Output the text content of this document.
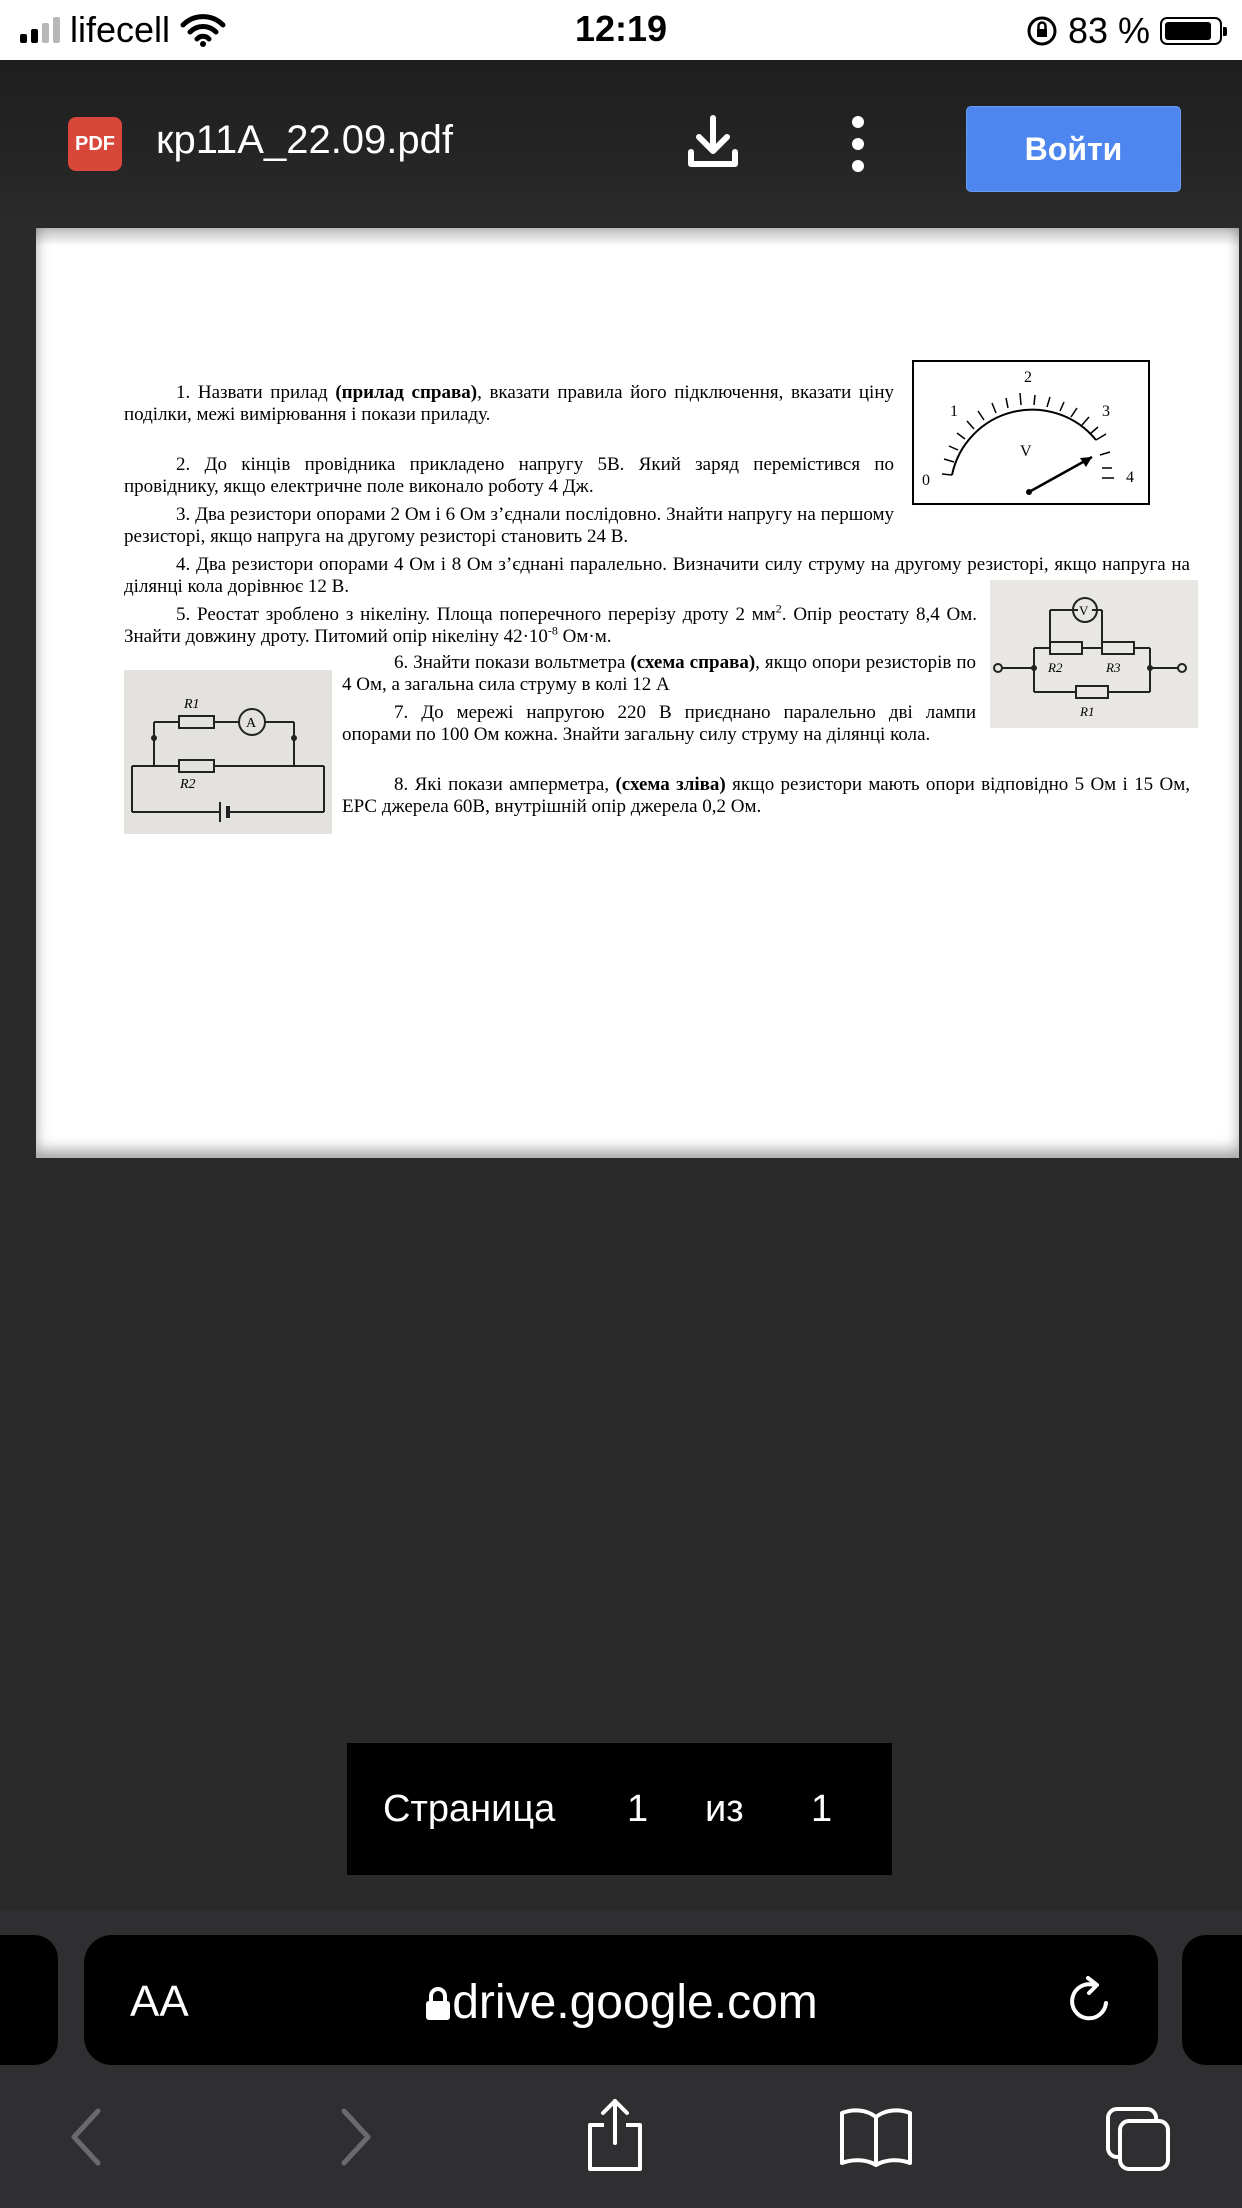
lifecell	12:19	83 %
PDF кр11А_22.09.pdf	Войти
1. Назвати прилад (прилад справа), вказати правила його підключення, вказати ціну поділки, межі вимірювання і покази приладу.
0
1
2
3
4
V
2. До кінців провідника прикладено напругу 5В. Який заряд перемістився по провіднику, якщо електричне поле виконало роботу 4 Дж.
3. Два резистори опорами 2 Ом і 6 Ом з’єднали послідовно. Знайти напругу на першому резисторі, якщо напруга на другому резисторі становить 24 В.
4. Два резистори опорами 4 Ом і 8 Ом з’єднані паралельно. Визначити силу струму на другому резисторі, якщо напруга на ділянці кола дорівнює 12 В.
5. Реостат зроблено з нікеліну. Площа поперечного перерізу дроту 2 $мм^2$. Опір реостату 8,4 Ом. Знайти довжину дроту. Питомий опір нікеліну $42\cdot 10^{-8}$ Ом·м.
V
R2	R3
R1
A
R1
R2
6. Знайти покази вольтметра (схема справа), якщо опори резисторів по 4 Ом, а загальна сила струму в колі 12 А
7. До мережі напругою 220 В приєднано паралельно дві лампи опорами по 100 Ом кожна. Знайти загальну силу струму на ділянці кола.
8. Які покази амперметра, (схема зліва) якщо резистори мають опори відповідно 5 Ом і 15 Ом, ЕРС джерела 60В, внутрішній опір джерела 0,2 Ом.
Страница 1 из 1
AA	drive.google.com
